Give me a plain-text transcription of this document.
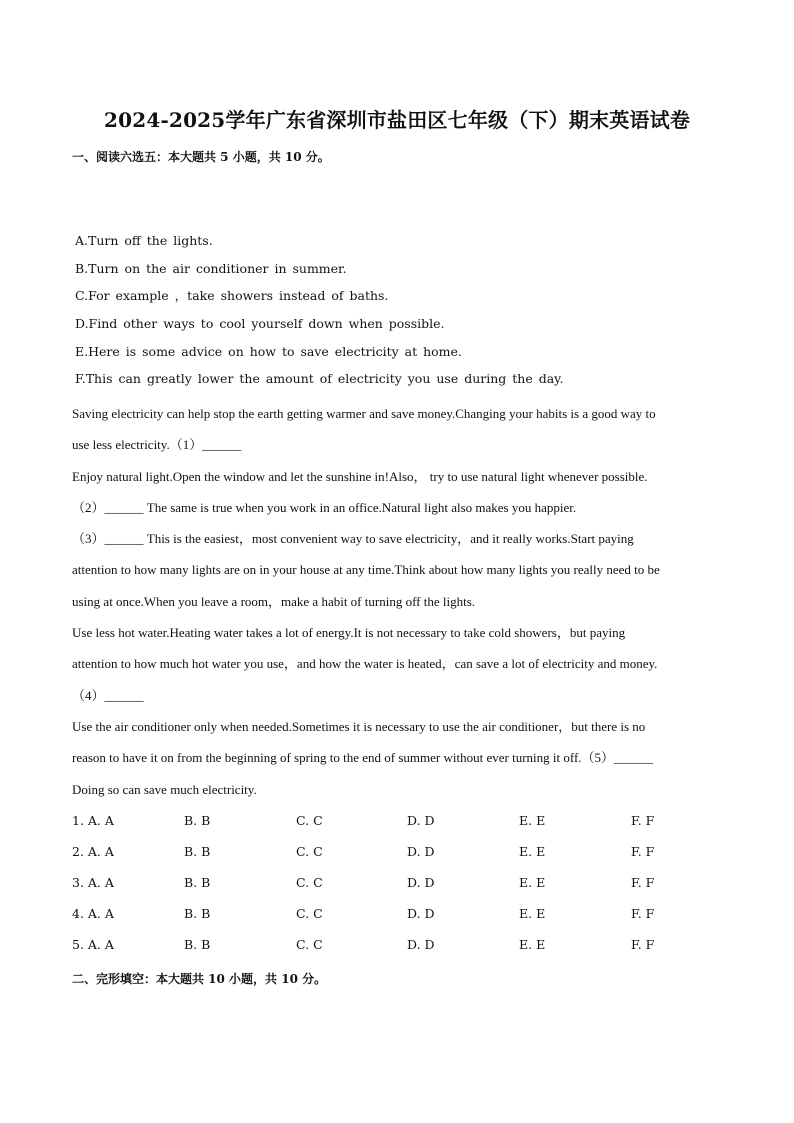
2024-2025学年广东省深圳市盐田区七年级（下）期末英语试卷
一、阅读六选五：本大题共 5 小题，共 10 分。
A.Turn off the lights.
B.Turn on the air conditioner in summer.
C.For example ，take showers instead of baths.
D.Find other ways to cool yourself down when possible.
E.Here is some advice on how to save electricity at home.
F.This can greatly lower the amount of electricity you use during the day.
Saving electricity can help stop the earth getting warmer and save money.Changing your habits is a good way to
use less electricity.（1）______
Enjoy natural light.Open the window and let the sunshine in!Also， try to use natural light whenever possible.
（2）______ The same is true when you work in an office.Natural light also makes you happier.
（3）______ This is the easiest，most convenient way to save electricity，and it really works.Start paying
attention to how many lights are on in your house at any time.Think about how many lights you really need to be
using at once.When you leave a room，make a habit of turning off the lights.
Use less hot water.Heating water takes a lot of energy.It is not necessary to take cold showers，but paying
attention to how much hot water you use，and how the water is heated，can save a lot of electricity and money.
（4）______
Use the air conditioner only when needed.Sometimes it is necessary to use the air conditioner，but there is no
reason to have it on from the beginning of spring to the end of summer without ever turning it off.（5）______
Doing so can save much electricity.
1. A. A	B. B	C. C	D. D	E. E	F. F
2. A. A	B. B	C. C	D. D	E. E	F. F
3. A. A	B. B	C. C	D. D	E. E	F. F
4. A. A	B. B	C. C	D. D	E. E	F. F
5. A. A	B. B	C. C	D. D	E. E	F. F
二、完形填空：本大题共 10 小题，共 10 分。
